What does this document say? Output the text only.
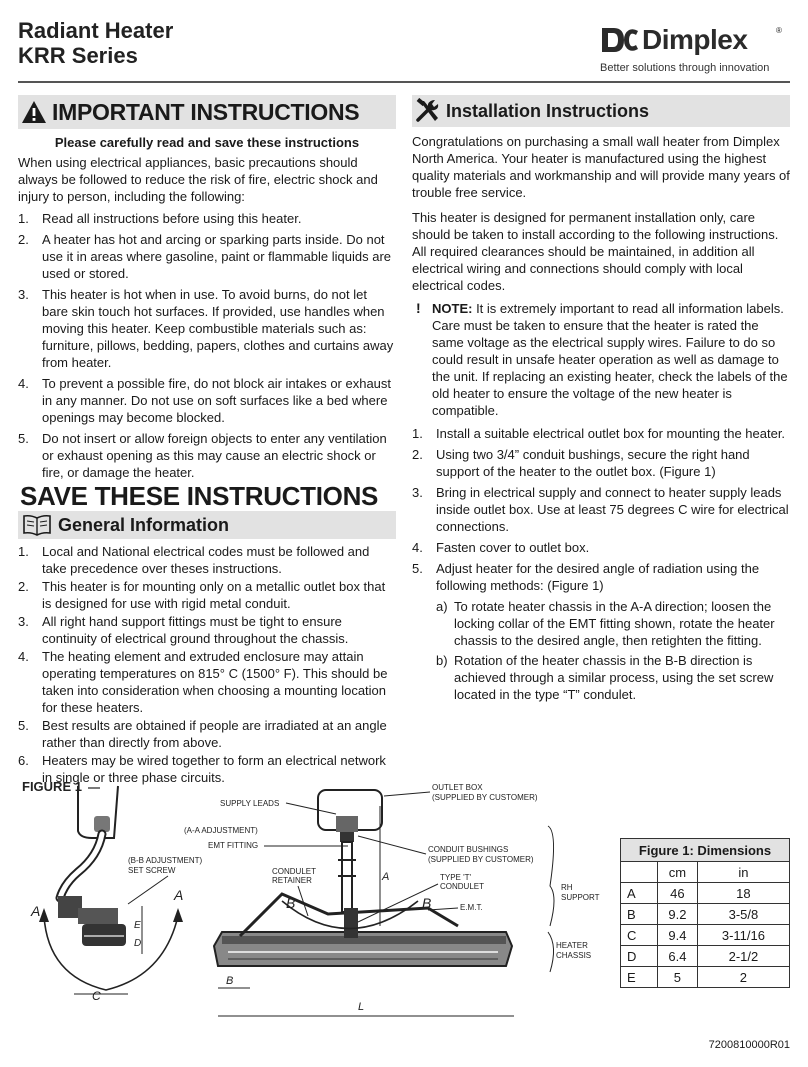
Radiant Heater
KRR Series
Dimplex	®
Better solutions through innovation
IMPORTANT INSTRUCTIONS
Please carefully read and save these instructions

When using electrical appliances, basic precautions should always be followed to reduce the risk of fire, electric shock and injury to person, including the following:

1.	Read all instructions before using this heater.
2.	A heater has hot and arcing or sparking parts inside. Do not use it in areas where gasoline, paint or flammable liquids are used or stored.
3.	This heater is hot when in use. To avoid burns, do not let bare skin touch hot surfaces. If provided, use handles when moving this heater. Keep combustible materials such as: furniture, pillows, bedding, papers, clothes and curtains away from heater.
4.	To prevent a possible fire, do not block air intakes or exhaust in any manner. Do not use on soft surfaces like a bed where openings may become blocked.
5.	Do not insert or allow foreign objects to enter any ventilation or exhaust opening as this may cause an electric shock or fire, or damage the heater.
SAVE THESE INSTRUCTIONS
General Information
1.	Local and National electrical codes must be followed and take precedence over theses instructions.
2.	This heater is for mounting only on a metallic outlet box that is designed for use with rigid metal conduit.
3.	All right hand support fittings must be tight to ensure continuity of electrical ground throughout the chassis.
4.	The heating element and extruded enclosure may attain operating temperatures on 815° C (1500° F). This should be taken into consideration when choosing a mounting location for these heaters.
5.	Best results are obtained if people are irradiated at an angle rather than directly from above.
6.	Heaters may be wired together to form an electrical network in single or three phase circuits.
Installation Instructions

Congratulations on purchasing a small wall heater from Dimplex North America. Your heater is manufactured using the highest quality materials and workmanship and will provide many years of trouble free service.

This heater is designed for permanent installation only, care should be taken to install according to the following instructions. All required clearances should be maintained, in addition all electrical wiring and connections should comply with local electrical codes.

! NOTE: It is extremely important to read all information labels. Care must be taken to ensure that the heater is rated the same voltage as the electrical supply wires. Failure to do so could result in unsafe heater operation as well as damage to the unit. If replacing an existing heater, check the labels of the old heater to ensure the voltage of the new heater is compatible.
1.	Install a suitable electrical outlet box for mounting the heater.
2.	Using two 3/4” conduit bushings, secure the right hand support of the heater to the outlet box. (Figure 1)
3.	Bring in electrical supply and connect to heater supply leads inside outlet box. Use at least 75 degrees C wire for electrical connections.
4.	Fasten cover to outlet box.
5.	Adjust heater for the desired angle of radiation using the following methods: (Figure 1)
a) To rotate heater chassis in the A-A direction; loosen the locking collar of the EMT fitting shown, rotate the heater chassis to the desired angle, then retighten the fitting.
b) Rotation of the heater chassis in the B-B direction is achieved through a similar process, using the set screw located in the type “T” condulet.
FIGURE 1
A
A
C
E
D
(B-B ADJUSTMENT)
SET SCREW
SUPPLY LEADS
(A-A ADJUSTMENT)
EMT FITTING
CONDULET
RETAINER	A
B	B
B
L
OUTLET BOX
(SUPPLIED BY CUSTOMER)
CONDUIT BUSHINGS
(SUPPLIED BY CUSTOMER)
TYPE 'T'
CONDULET
E.M.T.
RH
SUPPORT
HEATER
CHASSIS
Figure 1: Dimensions		
	cm	in
A	46	18
B	9.2	3-5/8
C	9.4	3-11/16
D	6.4	2-1/2
E	5	2
7200810000R01
